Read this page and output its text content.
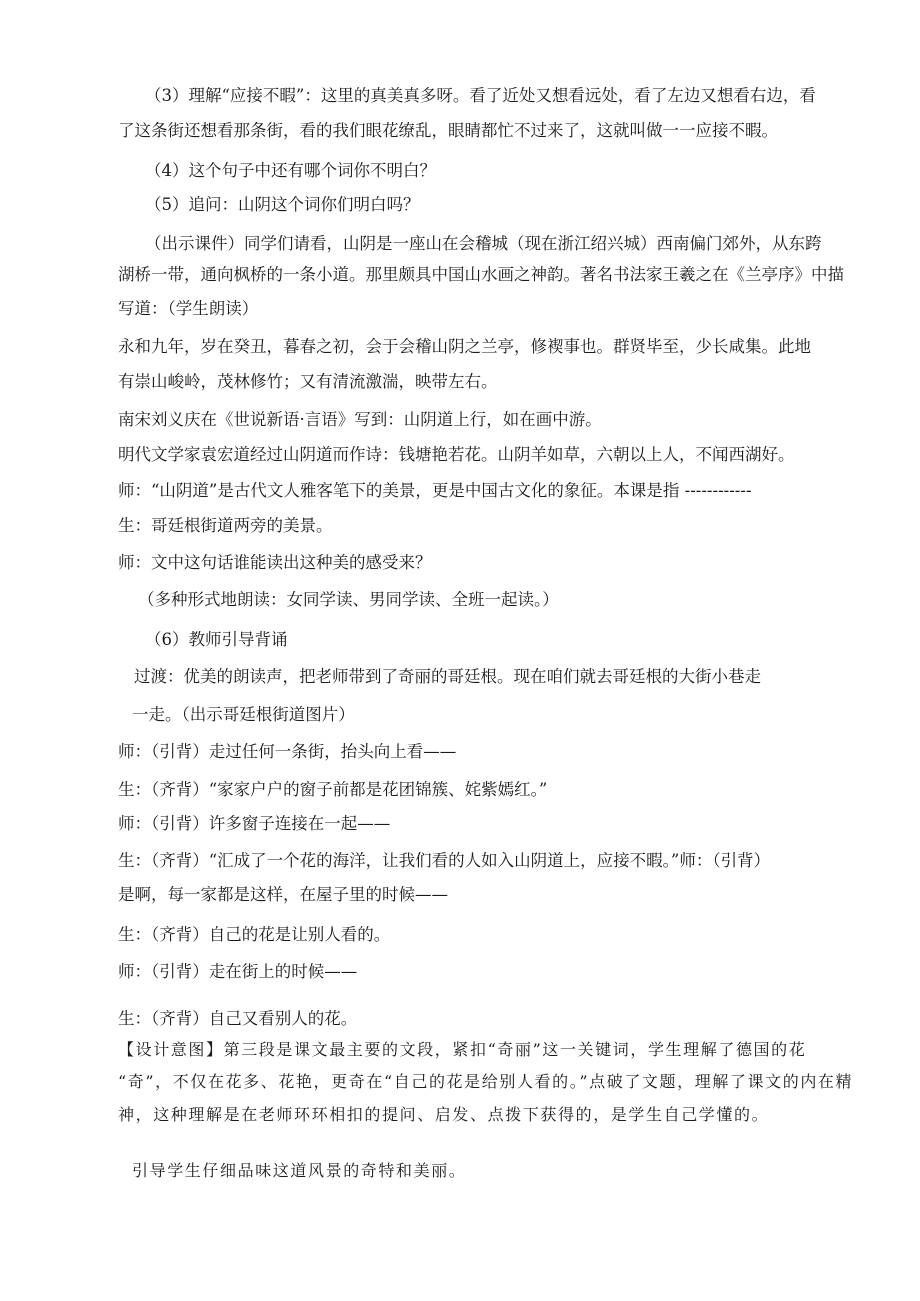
（3）理解“应接不暇”：这里的真美真多呀。看了近处又想看远处，看了左边又想看右边，看
了这条街还想看那条街，看的我们眼花缭乱，眼睛都忙不过来了，这就叫做一一应接不暇。
（4）这个句子中还有哪个词你不明白？
（5）追问：山阴这个词你们明白吗？
（出示课件）同学们请看，山阴是一座山在会稽城（现在浙江绍兴城）西南偏门郊外，从东跨
湖桥一带，通向枫桥的一条小道。那里颇具中国山水画之神韵。著名书法家王羲之在《兰亭序》中描
写道：（学生朗读）
永和九年，岁在癸丑，暮春之初，会于会稽山阴之兰亭，修褉事也。群贤毕至，少长咸集。此地
有崇山峻岭，茂林修竹；又有清流激湍，映带左右。
南宋刘义庆在《世说新语·言语》写到：山阴道上行，如在画中游。
明代文学家袁宏道经过山阴道而作诗：钱塘艳若花。山阴羊如草，六朝以上人，不闻西湖好。
师：“山阴道”是古代文人雅客笔下的美景，更是中国古文化的象征。本课是指 ------------
生：哥廷根街道两旁的美景。
师：文中这句话谁能读出这种美的感受来？
（多种形式地朗读：女同学读、男同学读、全班一起读。）
（6）教师引导背诵
过渡：优美的朗读声，把老师带到了奇丽的哥廷根。现在咱们就去哥廷根的大街小巷走
一走。（出示哥廷根街道图片）
师：（引背）走过任何一条街，抬头向上看——
生：（齐背）“家家户户的窗子前都是花团锦簇、姹紫嫣红。”
师：（引背）许多窗子连接在一起——
生：（齐背）“汇成了一个花的海洋，让我们看的人如入山阴道上，应接不暇。”师：（引背）
是啊，每一家都是这样，在屋子里的时候——
生：（齐背）自己的花是让别人看的。
师：（引背）走在街上的时候——
生：（齐背）自己又看别人的花。
【设计意图】第三段是课文最主要的文段，紧扣“奇丽”这一关键词，学生理解了德国的花
“奇”，不仅在花多、花艳，更奇在“自己的花是给别人看的。”点破了文题，理解了课文的内在精
神，这种理解是在老师环环相扣的提问、启发、点拨下获得的，是学生自己学懂的。
引导学生仔细品味这道风景的奇特和美丽。
